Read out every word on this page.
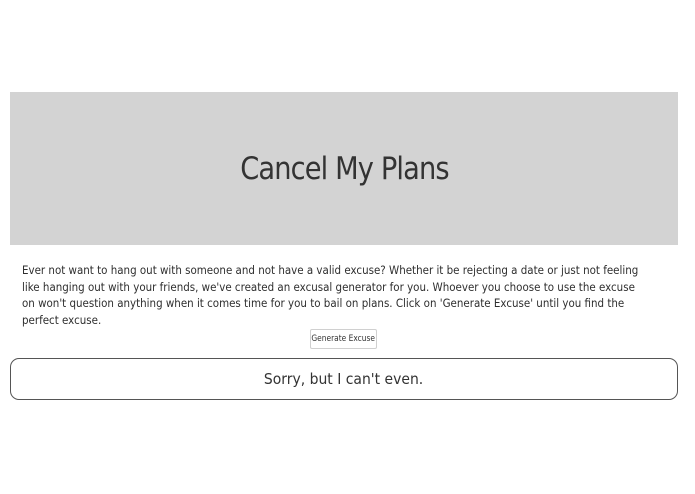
Cancel My Plans

Ever not want to hang out with someone and not have a valid excuse? Whether it be rejecting a date or just not feeling like hanging out with your friends, we've created an excusal generator for you. Whoever you choose to use the excuse on won't question anything when it comes time for you to bail on plans. Click on 'Generate Excuse' until you find the perfect excuse.

Generate Excuse
Sorry, but I can't even.
